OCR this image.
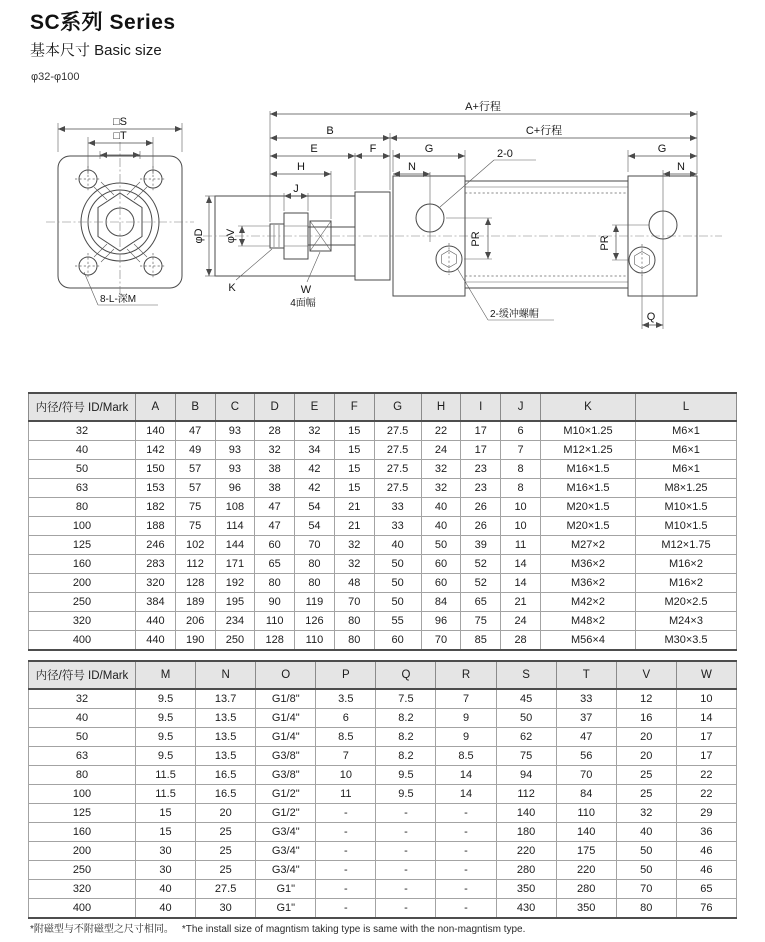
SC系列 Series
基本尺寸 Basic size
φ32-φ100
□S
□T
8-L-深M
φD φV
J
H
E	F
B
K	W
4面幅
2-0
PR
2-缓冲螺帽
G
N
PR
G
N
Q
A+行程
C+行程
内径/符号 ID/Mark	A	B	C	D	E	F	G	H	I	J	K	L
32	140	47	93	28	32	15	27.5	22	17	6	M10×1.25	M6×1
40	142	49	93	32	34	15	27.5	24	17	7	M12×1.25	M6×1
50	150	57	93	38	42	15	27.5	32	23	8	M16×1.5	M6×1
63	153	57	96	38	42	15	27.5	32	23	8	M16×1.5	M8×1.25
80	182	75	108	47	54	21	33	40	26	10	M20×1.5	M10×1.5
100	188	75	114	47	54	21	33	40	26	10	M20×1.5	M10×1.5
125	246	102	144	60	70	32	40	50	39	11	M27×2	M12×1.75
160	283	112	171	65	80	32	50	60	52	14	M36×2	M16×2
200	320	128	192	80	80	48	50	60	52	14	M36×2	M16×2
250	384	189	195	90	119	70	50	84	65	21	M42×2	M20×2.5
320	440	206	234	110	126	80	55	96	75	24	M48×2	M24×3
400	440	190	250	128	110	80	60	70	85	28	M56×4	M30×3.5
内径/符号 ID/Mark	M	N	O	P	Q	R	S	T	V	W
32	9.5	13.7	G1/8"	3.5	7.5	7	45	33	12	10
40	9.5	13.5	G1/4"	6	8.2	9	50	37	16	14
50	9.5	13.5	G1/4"	8.5	8.2	9	62	47	20	17
63	9.5	13.5	G3/8"	7	8.2	8.5	75	56	20	17
80	11.5	16.5	G3/8"	10	9.5	14	94	70	25	22
100	11.5	16.5	G1/2"	11	9.5	14	112	84	25	22
125	15	20	G1/2"	-	-	-	140	110	32	29
160	15	25	G3/4"	-	-	-	180	140	40	36
200	30	25	G3/4"	-	-	-	220	175	50	46
250	30	25	G3/4"	-	-	-	280	220	50	46
320	40	27.5	G1"	-	-	-	350	280	70	65
400	40	30	G1"	-	-	-	430	350	80	76
*附磁型与不附磁型之尺寸相同。 *The install size of magntism taking type is same with the non-magntism type.
